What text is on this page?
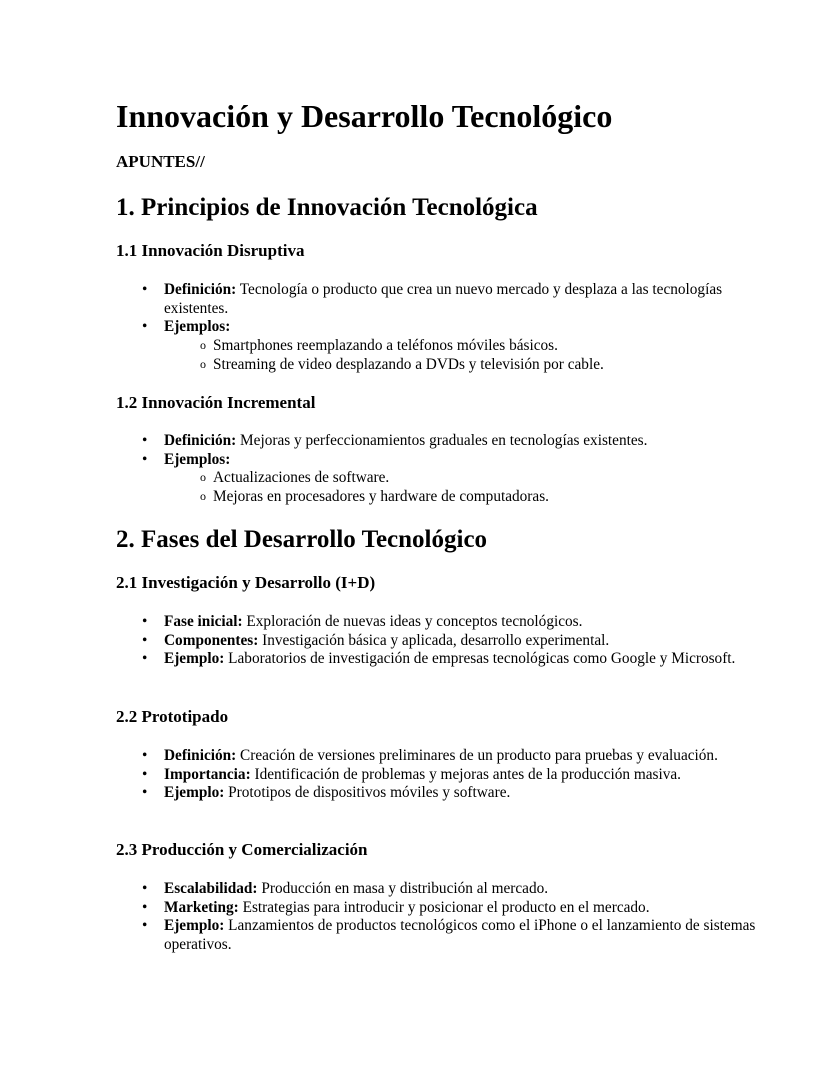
Innovación y Desarrollo Tecnológico
APUNTES//
1. Principios de Innovación Tecnológica
1.1 Innovación Disruptiva
• Definición: Tecnología o producto que crea un nuevo mercado y desplaza a las tecnologías existentes.
• Ejemplos:
o Smartphones reemplazando a teléfonos móviles básicos.
o Streaming de video desplazando a DVDs y televisión por cable.
1.2 Innovación Incremental
• Definición: Mejoras y perfeccionamientos graduales en tecnologías existentes.
• Ejemplos:
o Actualizaciones de software.
o Mejoras en procesadores y hardware de computadoras.
2. Fases del Desarrollo Tecnológico
2.1 Investigación y Desarrollo (I+D)
• Fase inicial: Exploración de nuevas ideas y conceptos tecnológicos.
• Componentes: Investigación básica y aplicada, desarrollo experimental.
• Ejemplo: Laboratorios de investigación de empresas tecnológicas como Google y Microsoft.
2.2 Prototipado
• Definición: Creación de versiones preliminares de un producto para pruebas y evaluación.
• Importancia: Identificación de problemas y mejoras antes de la producción masiva.
• Ejemplo: Prototipos de dispositivos móviles y software.
2.3 Producción y Comercialización
• Escalabilidad: Producción en masa y distribución al mercado.
• Marketing: Estrategias para introducir y posicionar el producto en el mercado.
• Ejemplo: Lanzamientos de productos tecnológicos como el iPhone o el lanzamiento de sistemas operativos.
